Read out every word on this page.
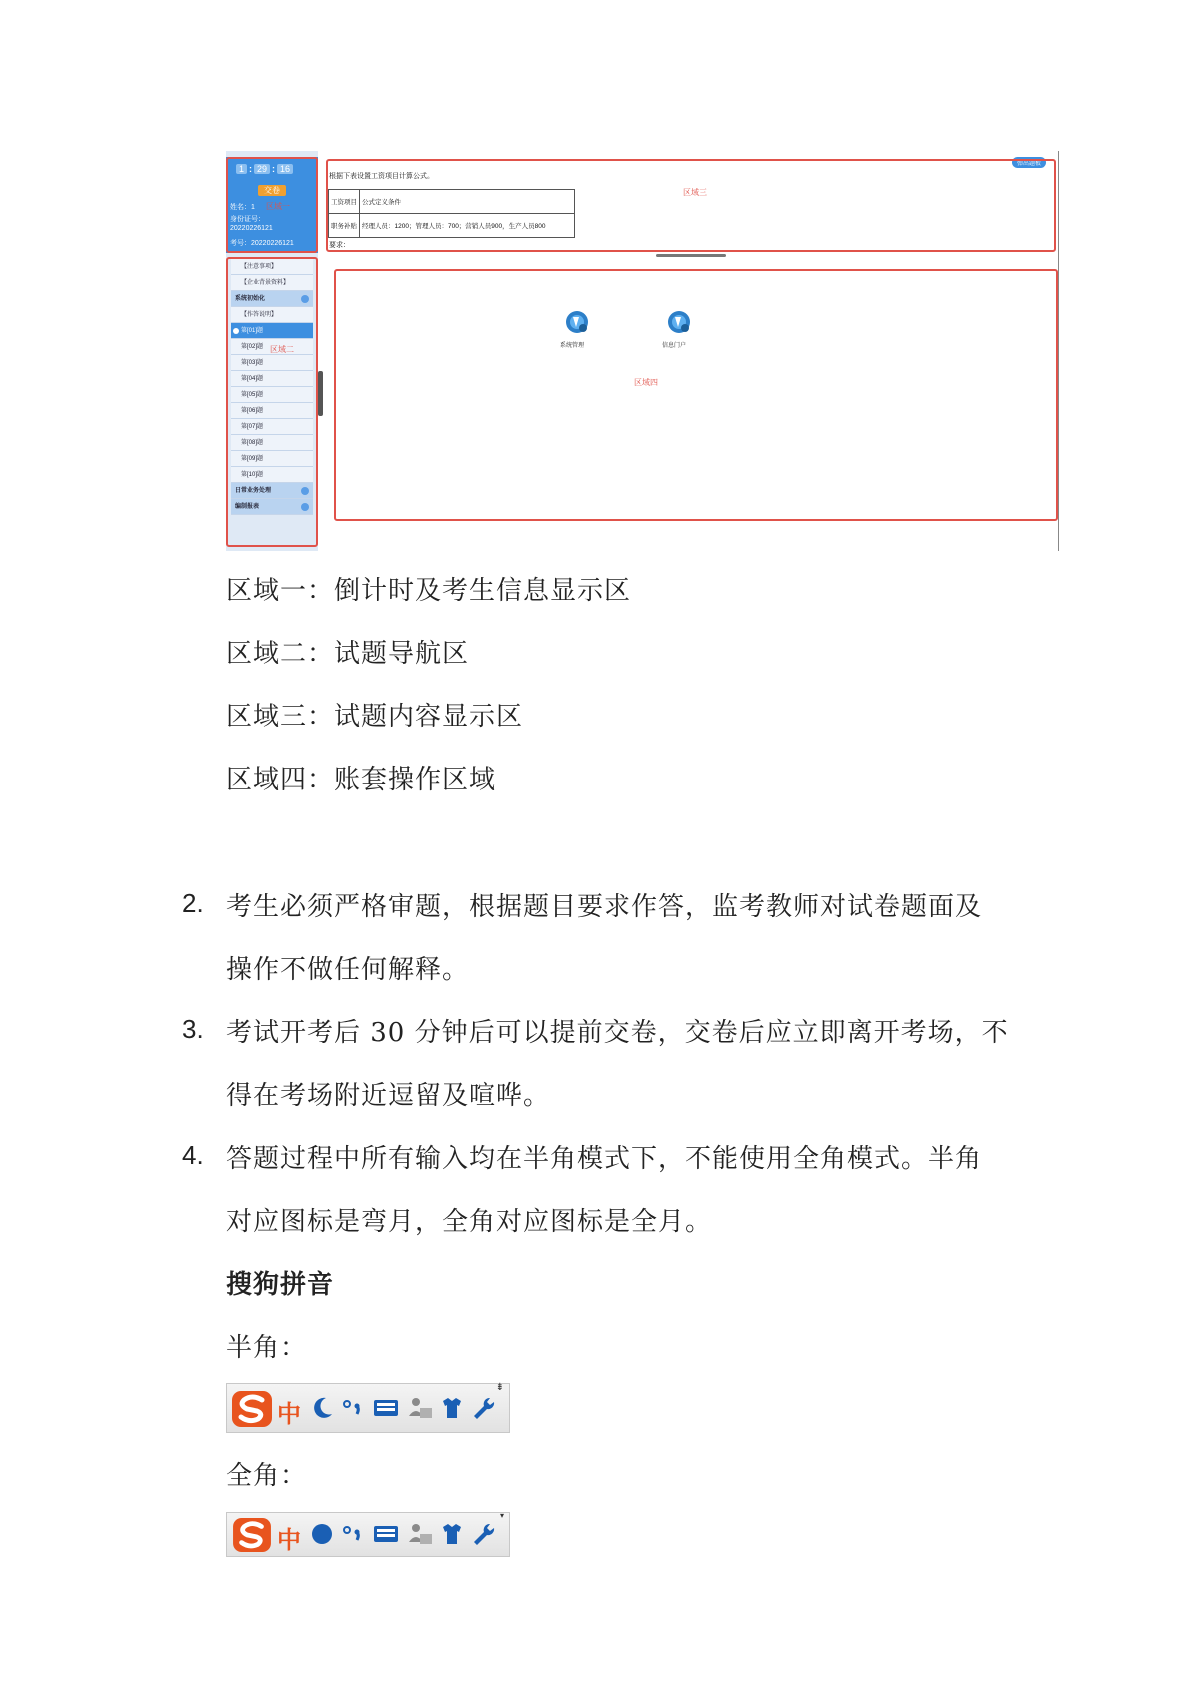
1 : 29 : 16
交卷
姓名：1 区域一
身份证号：
20220226121
考号：20220226121
【注意事项】
【企业背景资料】
系统初始化
【作答说明】
第[01]题
第[02]题
第[03]题
第[04]题
第[05]题
第[06]题
第[07]题
第[08]题
第[09]题
第[10]题
日常业务处理
编制报表
区域二
弹出题板
根据下表设置工资项目计算公式。
工资项目	公式定义条件
职务补贴	经理人员：1200；管理人员：700；营销人员900，生产人员800
要求：
区域三
系统管理	信息门户
区域四
区域一：倒计时及考生信息显示区
区域二：试题导航区
区域三：试题内容显示区
区域四：账套操作区域
2. 考生必须严格审题，根据题目要求作答，监考教师对试卷题面及
操作不做任何解释。
3. 考试开考后 30 分钟后可以提前交卷，交卷后应立即离开考场，不
得在考场附近逗留及喧哗。
4. 答题过程中所有输入均在半角模式下，不能使用全角模式。半角
对应图标是弯月，全角对应图标是全月。
搜狗拼音
半角：
中
⇟
全角：
中
▾
